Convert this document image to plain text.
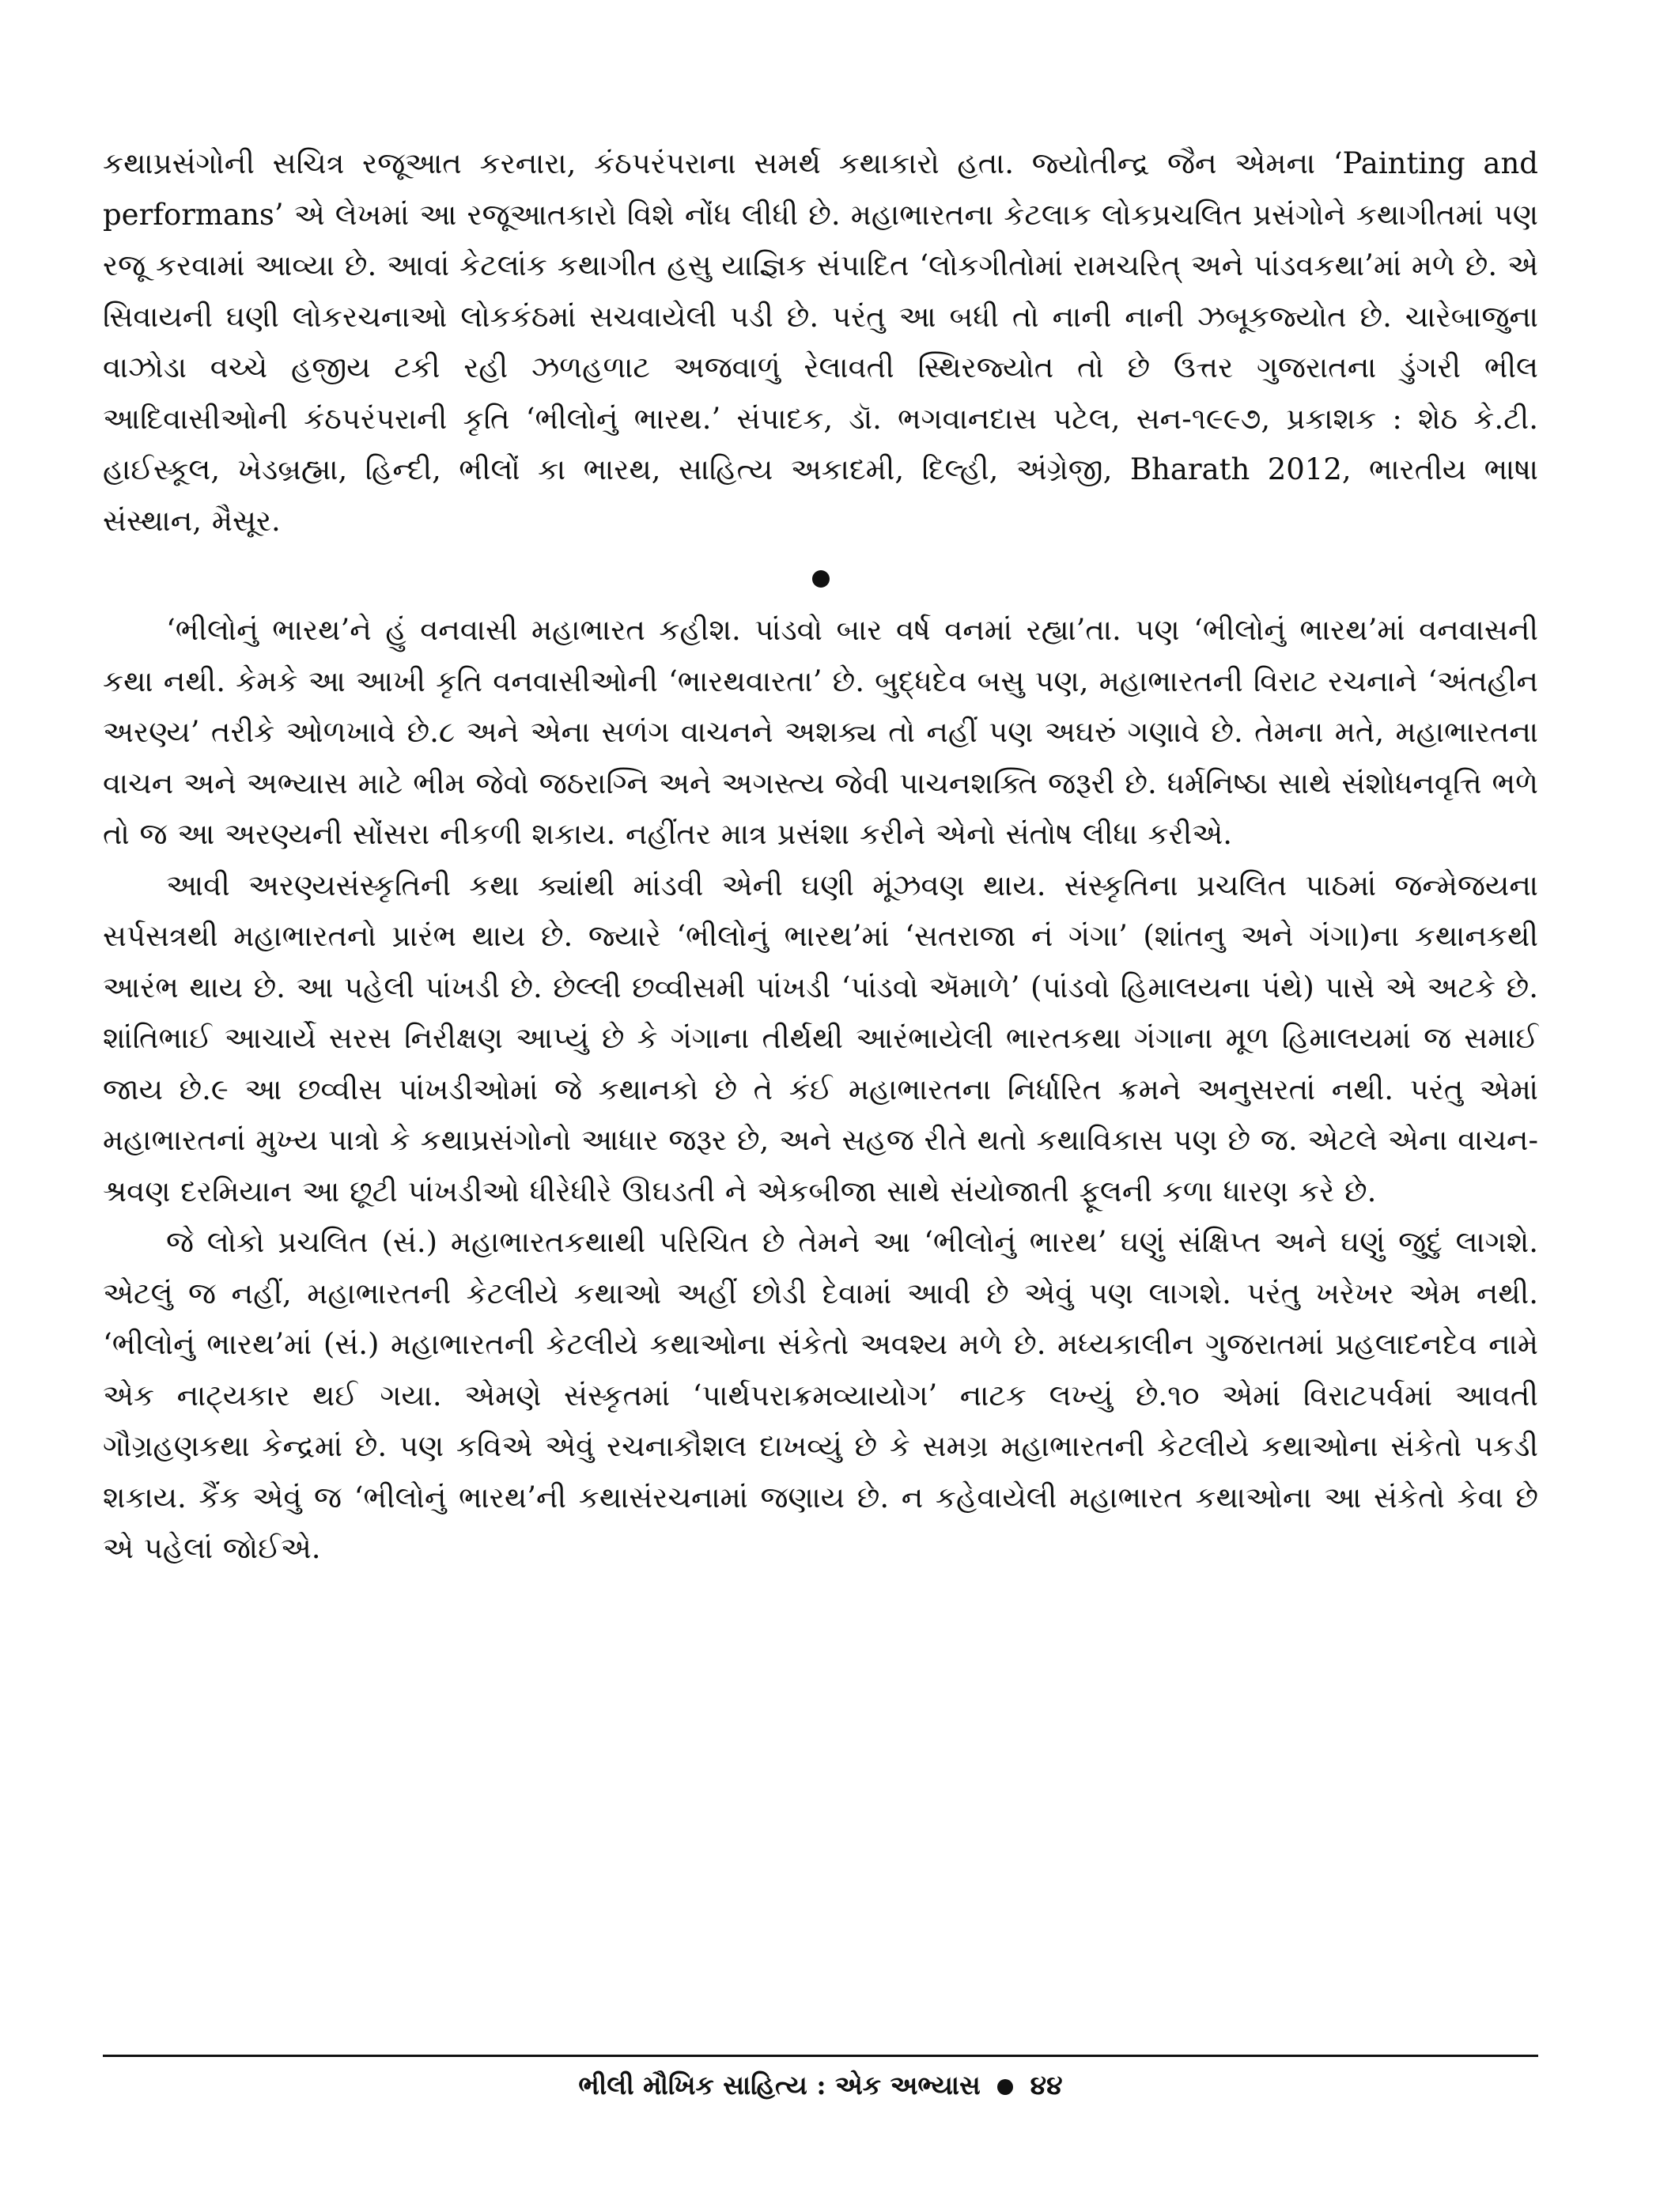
કથાપ્રસંગોની સચિત્ર રજૂઆત કરનારા, કંઠપરંપરાના સમર્થ કથાકારો હતા. જ્યોતીન્દ્ર જૈન એમના ‘Painting and performans’ એ લેખમાં આ રજૂઆતકારો વિશે નોંધ લીધી છે. મહાભારતના કેટલાક લોકપ્રચલિત પ્રસંગોને કથાગીતમાં પણ રજૂ કરવામાં આવ્યા છે. આવાં કેટલાંક કથાગીત હસુ યાજ્ઞિક સંપાદિત ‘લોકગીતોમાં રામચરિત્ અને પાંડવકથા’માં મળે છે. એ સિવાયની ઘણી લોકરચનાઓ લોકકંઠમાં સચવાયેલી પડી છે. પરંતુ આ બધી તો નાની નાની ઝબૂકજ્યોત છે. ચારેબાજુના વાઝોડા વચ્ચે હજીય ટકી રહી ઝળહળાટ અજવાળું રેલાવતી સ્થિરજ્યોત તો છે ઉત્તર ગુજરાતના ડુંગરી ભીલ આદિવાસીઓની કંઠપરંપરાની કૃતિ ‘ભીલોનું ભારથ.’ સંપાદક, ડૉ. ભગવાનદાસ પટેલ, સન-૧૯૯૭, પ્રકાશક : શેઠ કે.ટી. હાઈસ્કૂલ, ખેડબ્રહ્મા, હિન્દી, ભીલોં કા ભારથ, સાહિત્ય અકાદમી, દિલ્હી, અંગ્રેજી, Bharath 2012, ભારતીય ભાષા સંસ્થાન, મૈસૂર.

‘ભીલોનું ભારથ’ને હું વનવાસી મહાભારત કહીશ. પાંડવો બાર વર્ષ વનમાં રહ્યા’તા. પણ ‘ભીલોનું ભારથ’માં વનવાસની કથા નથી. કેમકે આ આખી કૃતિ વનવાસીઓની ‘ભારથવારતા’ છે. બુદ્ધદેવ બસુ પણ, મહાભારતની વિરાટ રચનાને ‘અંતહીન અરણ્ય’ તરીકે ઓળખાવે છે.૮ અને એના સળંગ વાચનને અશક્ય તો નહીં પણ અઘરું ગણાવે છે. તેમના મતે, મહાભારતના વાચન અને અભ્યાસ માટે ભીમ જેવો જઠરાગ્નિ અને અગસ્ત્ય જેવી પાચનશક્તિ જરૂરી છે. ધર્મનિષ્ઠા સાથે સંશોધનવૃત્તિ ભળે તો જ આ અરણ્યની સોંસરા નીકળી શકાય. નહીંતર માત્ર પ્રસંશા કરીને એનો સંતોષ લીધા કરીએ.

આવી અરણ્યસંસ્કૃતિની કથા ક્યાંથી માંડવી એની ઘણી મૂંઝવણ થાય. સંસ્કૃતિના પ્રચલિત પાઠમાં જન્મેજયના સર્પસત્રથી મહાભારતનો પ્રારંભ થાય છે. જ્યારે ‘ભીલોનું ભારથ’માં ‘સતરાજા નં ગંગા’ (શાંતનુ અને ગંગા)ના કથાનકથી આરંભ થાય છે. આ પહેલી પાંખડી છે. છેલ્લી છવ્વીસમી પાંખડી ‘પાંડવો ઍમાળે’ (પાંડવો હિમાલયના પંથે) પાસે એ અટકે છે. શાંતિભાઈ આચાર્યે સરસ નિરીક્ષણ આપ્યું છે કે ગંગાના તીર્થથી આરંભાયેલી ભારતકથા ગંગાના મૂળ હિમાલયમાં જ સમાઈ જાય છે.૯ આ છવ્વીસ પાંખડીઓમાં જે કથાનકો છે તે કંઈ મહાભારતના નિર્ધારિત ક્રમને અનુસરતાં નથી. પરંતુ એમાં મહાભારતનાં મુખ્ય પાત્રો કે કથાપ્રસંગોનો આધાર જરૂર છે, અને સહજ રીતે થતો કથાવિકાસ પણ છે જ. એટલે એના વાચન-શ્રવણ દરમિયાન આ છૂટી પાંખડીઓ ધીરેધીરે ઊઘડતી ને એકબીજા સાથે સંયોજાતી ફૂલની કળા ધારણ કરે છે.

જે લોકો પ્રચલિત (સં.) મહાભારતકથાથી પરિચિત છે તેમને આ ‘ભીલોનું ભારથ’ ઘણું સંક્ષિપ્ત અને ઘણું જુદું લાગશે. એટલું જ નહીં, મહાભારતની કેટલીયે કથાઓ અહીં છોડી દેવામાં આવી છે એવું પણ લાગશે. પરંતુ ખરેખર એમ નથી. ‘ભીલોનું ભારથ’માં (સં.) મહાભારતની કેટલીયે કથાઓના સંકેતો અવશ્ય મળે છે. મધ્યકાલીન ગુજરાતમાં પ્રહલાદનદેવ નામે એક નાટ્યકાર થઈ ગયા. એમણે સંસ્કૃતમાં ‘પાર્થપરાક્રમવ્યાયોગ’ નાટક લખ્યું છે.૧૦ એમાં વિરાટપર્વમાં આવતી ગૌગ્રહણકથા કેન્દ્રમાં છે. પણ કવિએ એવું રચનાકૌશલ દાખવ્યું છે કે સમગ્ર મહાભારતની કેટલીયે કથાઓના સંકેતો પકડી શકાય. કૈંક એવું જ ‘ભીલોનું ભારથ’ની કથાસંરચનામાં જણાય છે. ન કહેવાયેલી મહાભારત કથાઓના આ સંકેતો કેવા છે એ પહેલાં જોઈએ.

ભીલી મૌખિક સાહિત્ય : એક અભ્યાસ ૪૪
